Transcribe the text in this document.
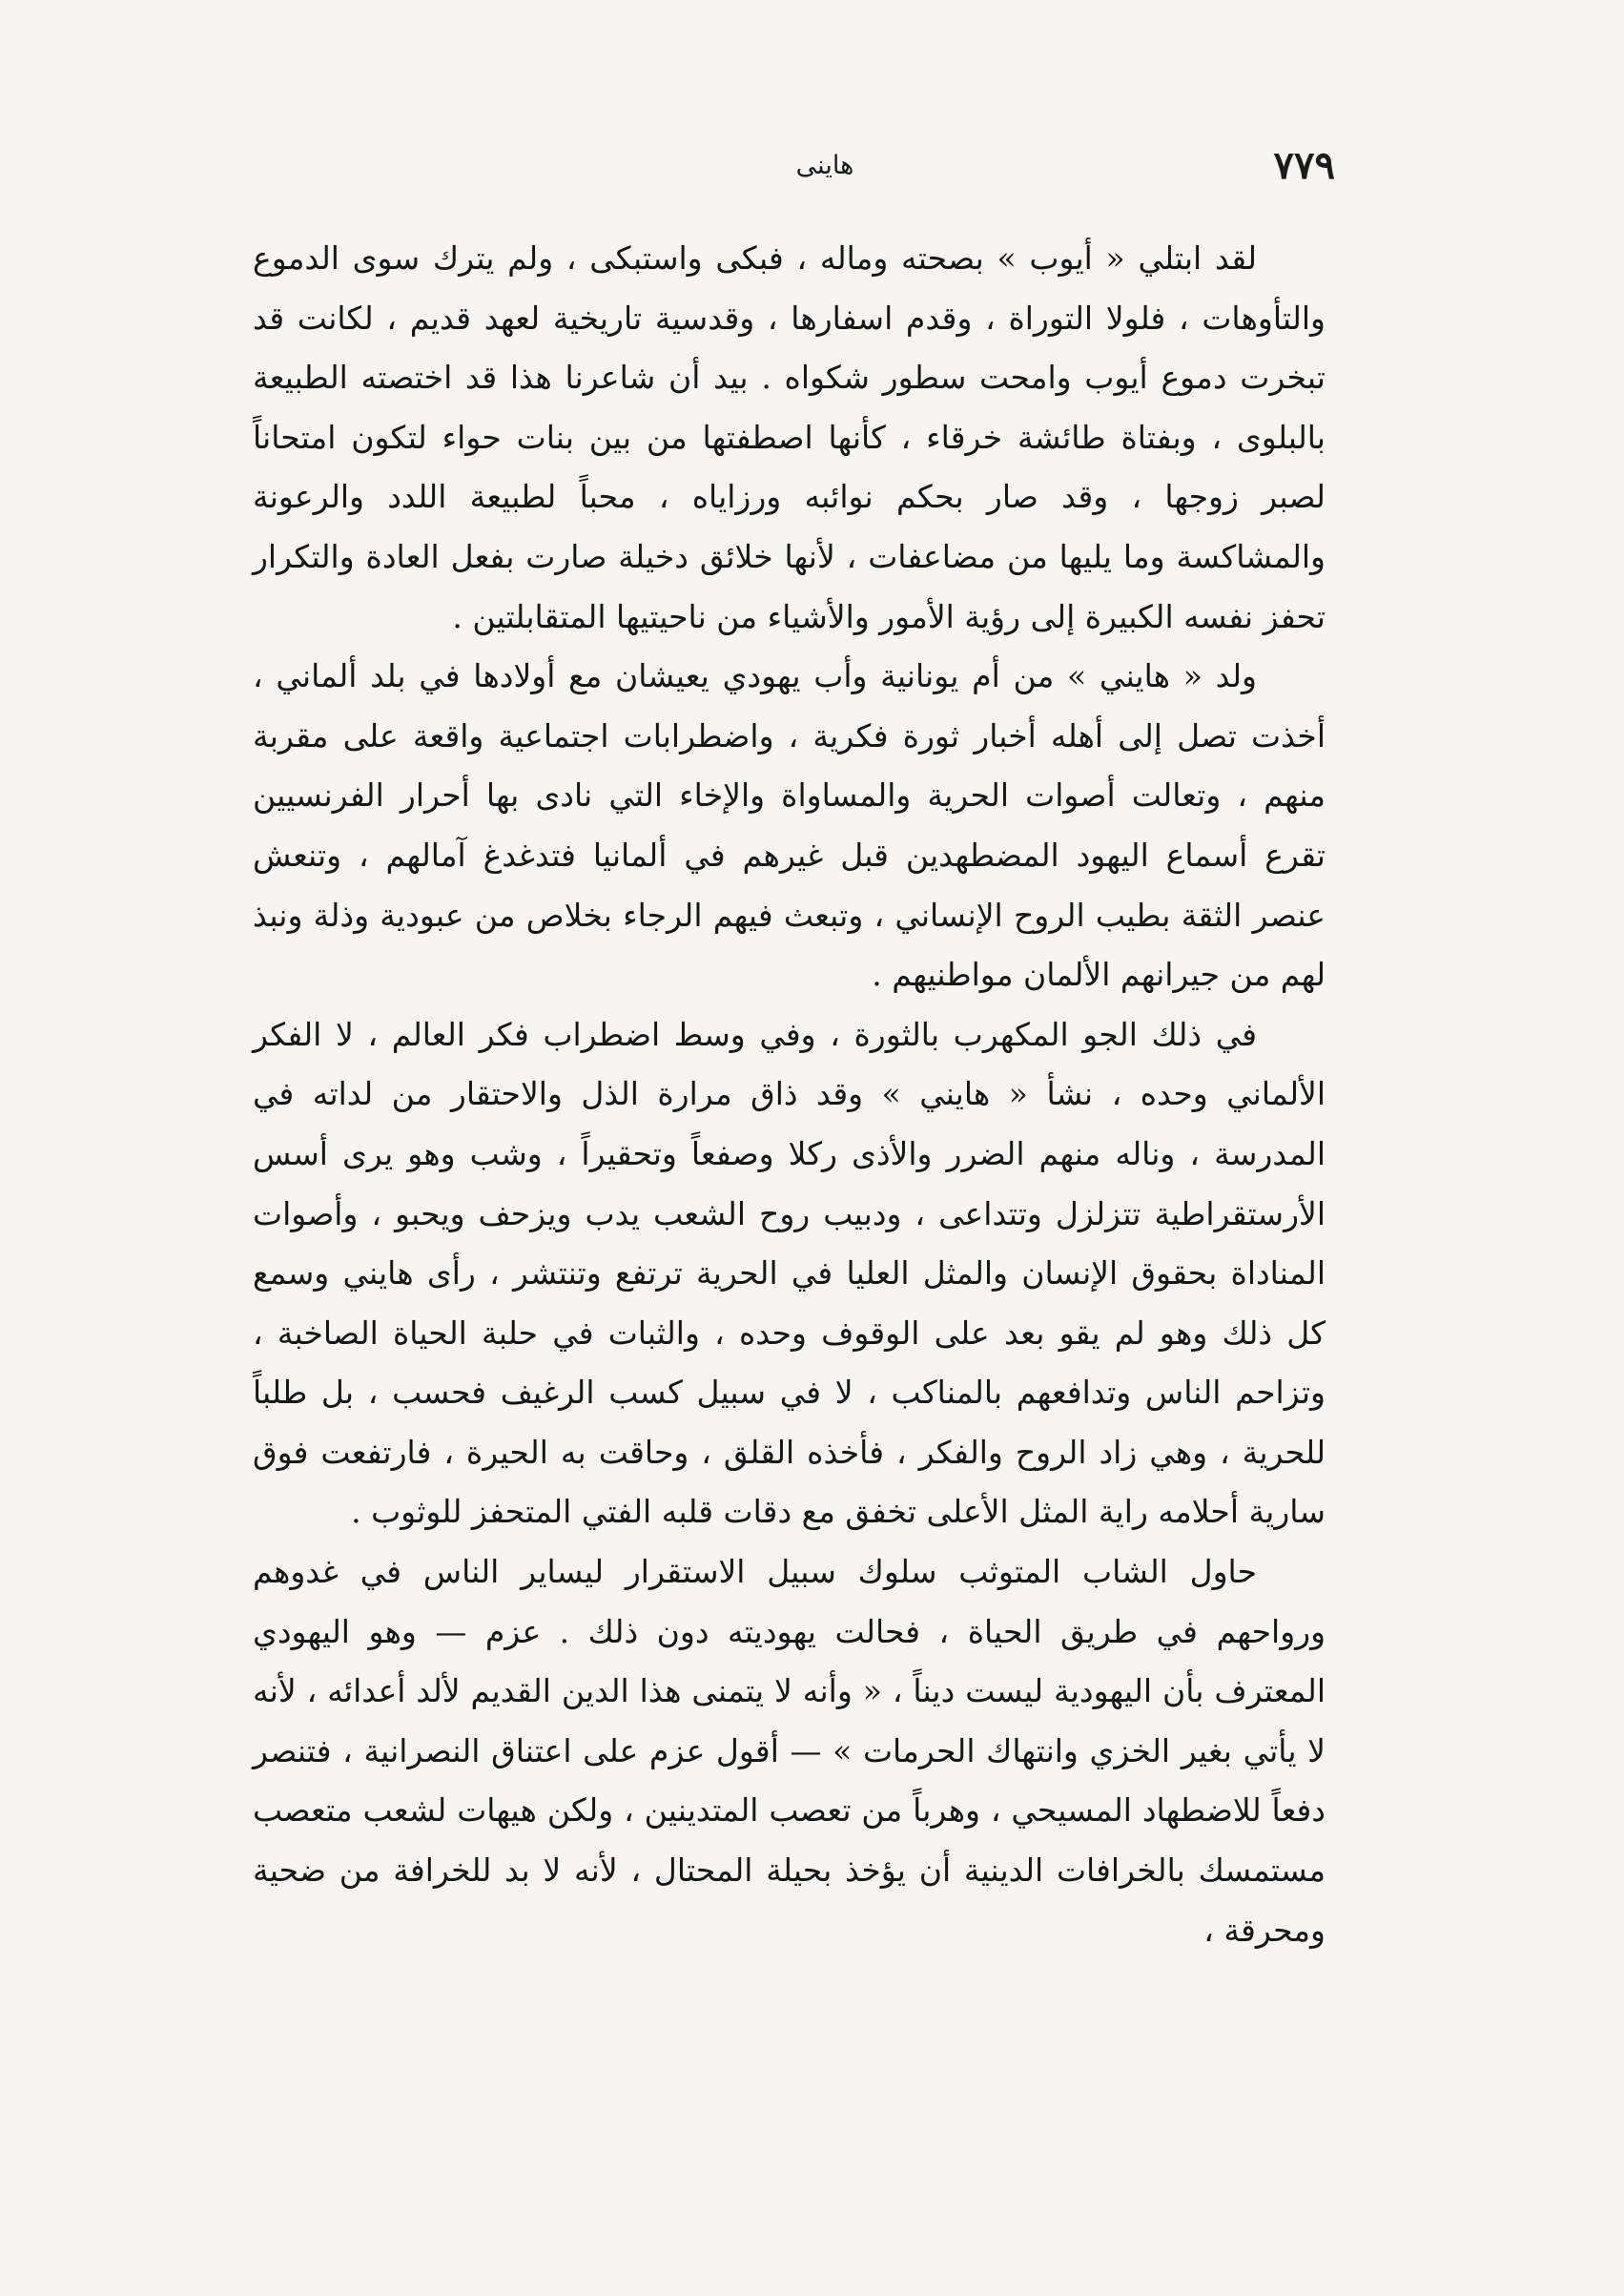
٧٧٩
هاينى

لقد ابتلي « أيوب » بصحته وماله ، فبكى واستبكى ، ولم يترك سوى الدموع والتأوهات ، فلولا التوراة ، وقدم اسفارها ، وقدسية تاريخية لعهد قديم ، لكانت قد تبخرت دموع أيوب وامحت سطور شكواه . بيد أن شاعرنا هذا قد اختصته الطبيعة بالبلوى ، وبفتاة طائشة خرقاء ، كأنها اصطفتها من بين بنات حواء لتكون امتحاناً لصبر زوجها ، وقد صار بحكم نوائبه ورزاياه ، محباً لطبيعة اللدد والرعونة والمشاكسة وما يليها من مضاعفات ، لأنها خلائق دخيلة صارت بفعل العادة والتكرار تحفز نفسه الكبيرة إلى رؤية الأمور والأشياء من ناحيتيها المتقابلتين .

ولد « هايني » من أم يونانية وأب يهودي يعيشان مع أولادها في بلد ألماني ، أخذت تصل إلى أهله أخبار ثورة فكرية ، واضطرابات اجتماعية واقعة على مقربة منهم ، وتعالت أصوات الحرية والمساواة والإخاء التي نادى بها أحرار الفرنسيين تقرع أسماع اليهود المضطهدين قبل غيرهم في ألمانيا فتدغدغ آمالهم ، وتنعش عنصر الثقة بطيب الروح الإنساني ، وتبعث فيهم الرجاء بخلاص من عبودية وذلة ونبذ لهم من جيرانهم الألمان مواطنيهم .

في ذلك الجو المكهرب بالثورة ، وفي وسط اضطراب فكر العالم ، لا الفكر الألماني وحده ، نشأ « هايني » وقد ذاق مرارة الذل والاحتقار من لداته في المدرسة ، وناله منهم الضرر والأذى ركلا وصفعاً وتحقيراً ، وشب وهو يرى أسس الأرستقراطية تتزلزل وتتداعى ، ودبيب روح الشعب يدب ويزحف ويحبو ، وأصوات المناداة بحقوق الإنسان والمثل العليا في الحرية ترتفع وتنتشر ، رأى هايني وسمع كل ذلك وهو لم يقو بعد على الوقوف وحده ، والثبات في حلبة الحياة الصاخبة ، وتزاحم الناس وتدافعهم بالمناكب ، لا في سبيل كسب الرغيف فحسب ، بل طلباً للحرية ، وهي زاد الروح والفكر ، فأخذه القلق ، وحاقت به الحيرة ، فارتفعت فوق سارية أحلامه راية المثل الأعلى تخفق مع دقات قلبه الفتي المتحفز للوثوب .

حاول الشاب المتوثب سلوك سبيل الاستقرار ليساير الناس في غدوهم ورواحهم في طريق الحياة ، فحالت يهوديته دون ذلك . عزم — وهو اليهودي المعترف بأن اليهودية ليست ديناً ، « وأنه لا يتمنى هذا الدين القديم لألد أعدائه ، لأنه لا يأتي بغير الخزي وانتهاك الحرمات » — أقول عزم على اعتناق النصرانية ، فتنصر دفعاً للاضطهاد المسيحي ، وهرباً من تعصب المتدينين ، ولكن هيهات لشعب متعصب مستمسك بالخرافات الدينية أن يؤخذ بحيلة المحتال ، لأنه لا بد للخرافة من ضحية ومحرقة ،
